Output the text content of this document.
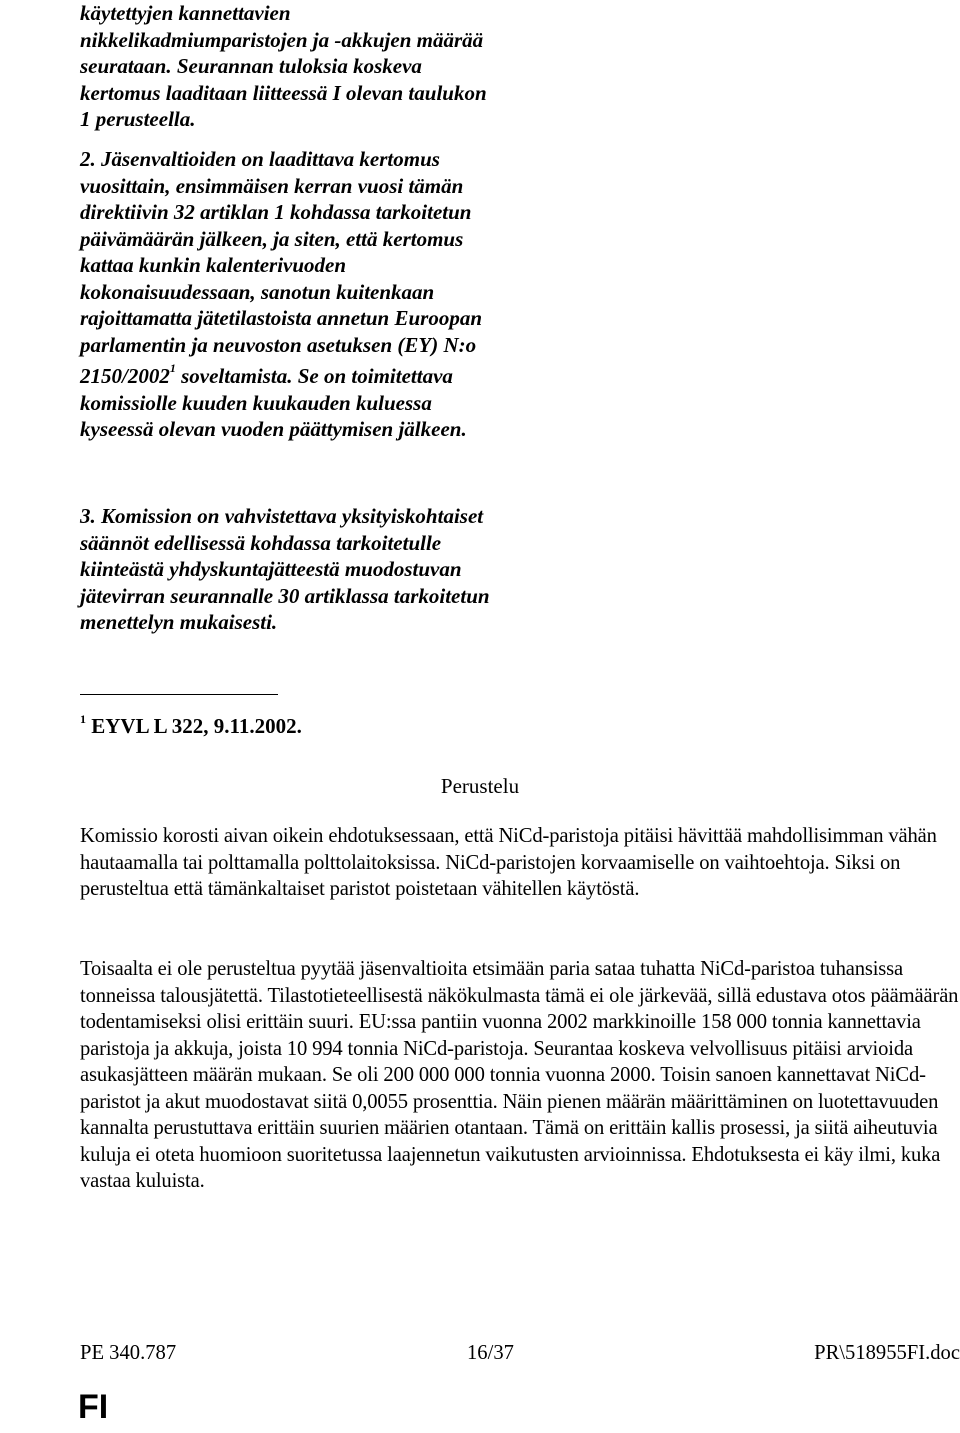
käytettyjen kannettavien nikkelikadmiumparistojen ja -akkujen määrää seurataan. Seurannan tuloksia koskeva kertomus laaditaan liitteessä I olevan taulukon 1 perusteella.

2. Jäsenvaltioiden on laadittava kertomus vuosittain, ensimmäisen kerran vuosi tämän direktiivin 32 artiklan 1 kohdassa tarkoitetun päivämäärän jälkeen, ja siten, että kertomus kattaa kunkin kalenterivuoden kokonaisuudessaan, sanotun kuitenkaan rajoittamatta jätetilastoista annetun Euroopan parlamentin ja neuvoston asetuksen (EY) N:o 2150/2002$^1$ soveltamista. Se on toimitettava komissiolle kuuden kuukauden kuluessa kyseessä olevan vuoden päättymisen jälkeen.

3. Komission on vahvistettava yksityiskohtaiset säännöt edellisessä kohdassa tarkoitetulle kiinteästä yhdyskuntajätteestä muodostuvan jätevirran seurannalle 30 artiklassa tarkoitetun menettelyn mukaisesti.

$^1$ EYVL L 322, 9.11.2002.
Perustelu

Komissio korosti aivan oikein ehdotuksessaan, että NiCd-paristoja pitäisi hävittää mahdollisimman vähän hautaamalla tai polttamalla polttolaitoksissa. NiCd-paristojen korvaamiselle on vaihtoehtoja. Siksi on perusteltua että tämänkaltaiset paristot poistetaan vähitellen käytöstä.

Toisaalta ei ole perusteltua pyytää jäsenvaltioita etsimään paria sataa tuhatta NiCd-paristoa tuhansissa tonneissa talousjätettä. Tilastotieteellisestä näkökulmasta tämä ei ole järkevää, sillä edustava otos päämäärän todentamiseksi olisi erittäin suuri. EU:ssa pantiin vuonna 2002 markkinoille 158 000 tonnia kannettavia paristoja ja akkuja, joista 10 994 tonnia NiCd-paristoja. Seurantaa koskeva velvollisuus pitäisi arvioida asukasjätteen määrän mukaan. Se oli 200 000 000 tonnia vuonna 2000. Toisin sanoen kannettavat NiCd-paristot ja akut muodostavat siitä 0,0055 prosenttia. Näin pienen määrän määrittäminen on luotettavuuden kannalta perustuttava erittäin suurien määrien otantaan. Tämä on erittäin kallis prosessi, ja siitä aiheutuvia kuluja ei oteta huomioon suoritetussa laajennetun vaikutusten arvioinnissa. Ehdotuksesta ei käy ilmi, kuka vastaa kuluista.

PE 340.787	16/37	PR\518955FI.doc
FI
